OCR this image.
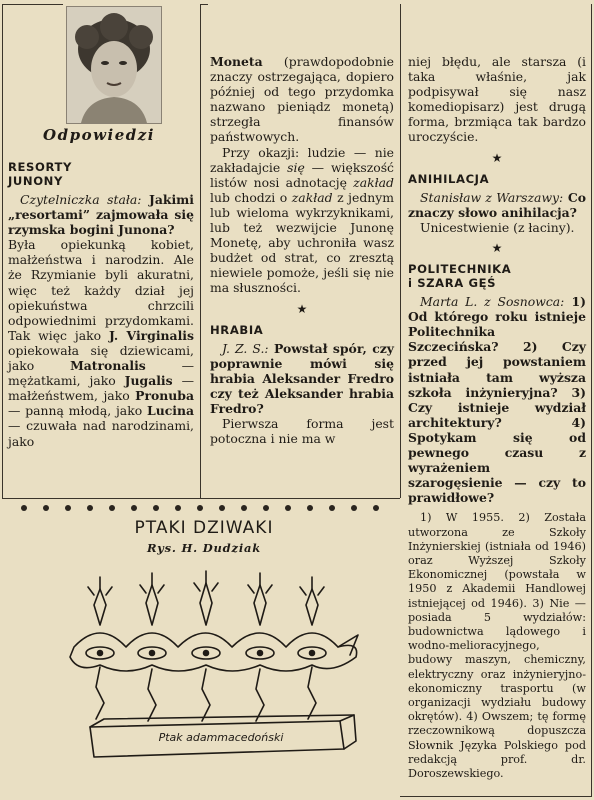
Odpowiedzi
RESORTY
JUNONY

Czytelniczka stała: Jakimi „resortami” zajmowała się rzymska bogini Junona?

Była opiekunką kobiet, małżeństwa i narodzin. Ale że Rzymianie byli akuratni, więc też każdy dział jej opiekuństwa chrzcili odpowiednimi przydomkami. Tak więc jako J. Virginalis opiekowała się dziewicami, jako Matronalis — mężatkami, jako Jugalis — małżeństwem, jako Pronuba — panną młodą, jako Lucina — czuwała nad narodzinami, jako

Moneta (prawdopodobnie znaczy ostrzegająca, dopiero później od tego przydomka nazwano pieniądz monetą) strzegła finansów państwowych.

Przy okazji: ludzie — nie zakładajcie się — większość listów nosi adnotację zakład lub chodzi o zakład z jednym lub wieloma wykrzyknikami, lub też wezwijcie Junonę Monetę, aby uchroniła wasz budżet od strat, co zresztą niewiele pomoże, jeśli się nie ma słuszności.

★
HRABIA

J. Z. S.: Powstał spór, czy poprawnie mówi się hrabia Aleksander Fredro czy też Aleksander hrabia Fredro?

Pierwsza forma jest potoczna i nie ma w

niej błędu, ale starsza (i taka właśnie, jak podpisywał się nasz komediopisarz) jest drugą forma, brzmiąca tak bardzo uroczyście.

★
ANIHILACJA

Stanisław z Warszawy: Co znaczy słowo anihilacja?

Unicestwienie (z łaciny).

★
POLITECHNIKA
i SZARA GĘŚ

Marta L. z Sosnowca: 1) Od którego roku istnieje Politechnika Szczecińska? 2) Czy przed jej powstaniem istniała tam wyższa szkoła inżynieryjna? 3) Czy istnieje wydział architektury? 4) Spotykam się od pewnego czasu z wyrażeniem szarogęsienie — czy to prawidłowe?

1) W 1955. 2) Została utworzona ze Szkoły Inżynierskiej (istniała od 1946) oraz Wyższej Szkoły Ekonomicznej (powstała w 1950 z Akademii Handlowej istniejącej od 1946). 3) Nie — posiada 5 wydziałów: budownictwa lądowego i wodno-melioracyjnego, budowy maszyn, chemiczny, elektryczny oraz inżynieryjno-ekonomiczny trasportu (w organizacji wydziału budowy okrętów). 4) Owszem; tę formę rzeczownikową dopuszcza Słownik Języka Polskiego pod redakcją prof. dr. Doroszewskiego.

PTAKI DZIWAKI
Rys. H. Dudziak
Ptak adammacedoński
